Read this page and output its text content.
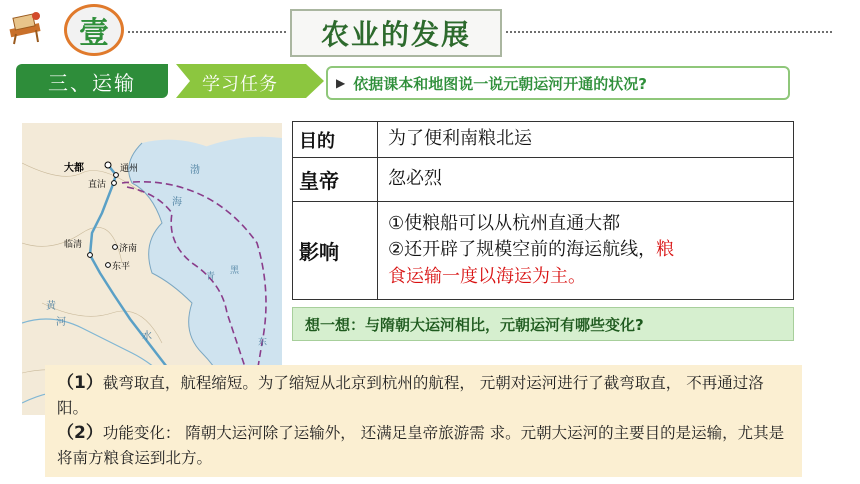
壹	农业的发展
三、运输	学习任务	▶ 依据课本和地图说一说元朝运河开通的状况?
大都	通州
直沽
临清	济南
东平
渤
海
黄
河
水
青
黑
东
目的	为了便利南粮北运
皇帝	忽必烈
影响	①使粮船可以从杭州直通大都
②还开辟了规模空前的海运航线，粮
食运输一度以海运为主。
想一想：与隋朝大运河相比，元朝运河有哪些变化?

（1）截弯取直，航程缩短。为了缩短从北京到杭州的航程， 元朝对运河进行了截弯取直， 不再通过洛阳。

（2）功能变化： 隋朝大运河除了运输外， 还满足皇帝旅游需 求。元朝大运河的主要目的是运输，尤其是将南方粮食运到北方。
